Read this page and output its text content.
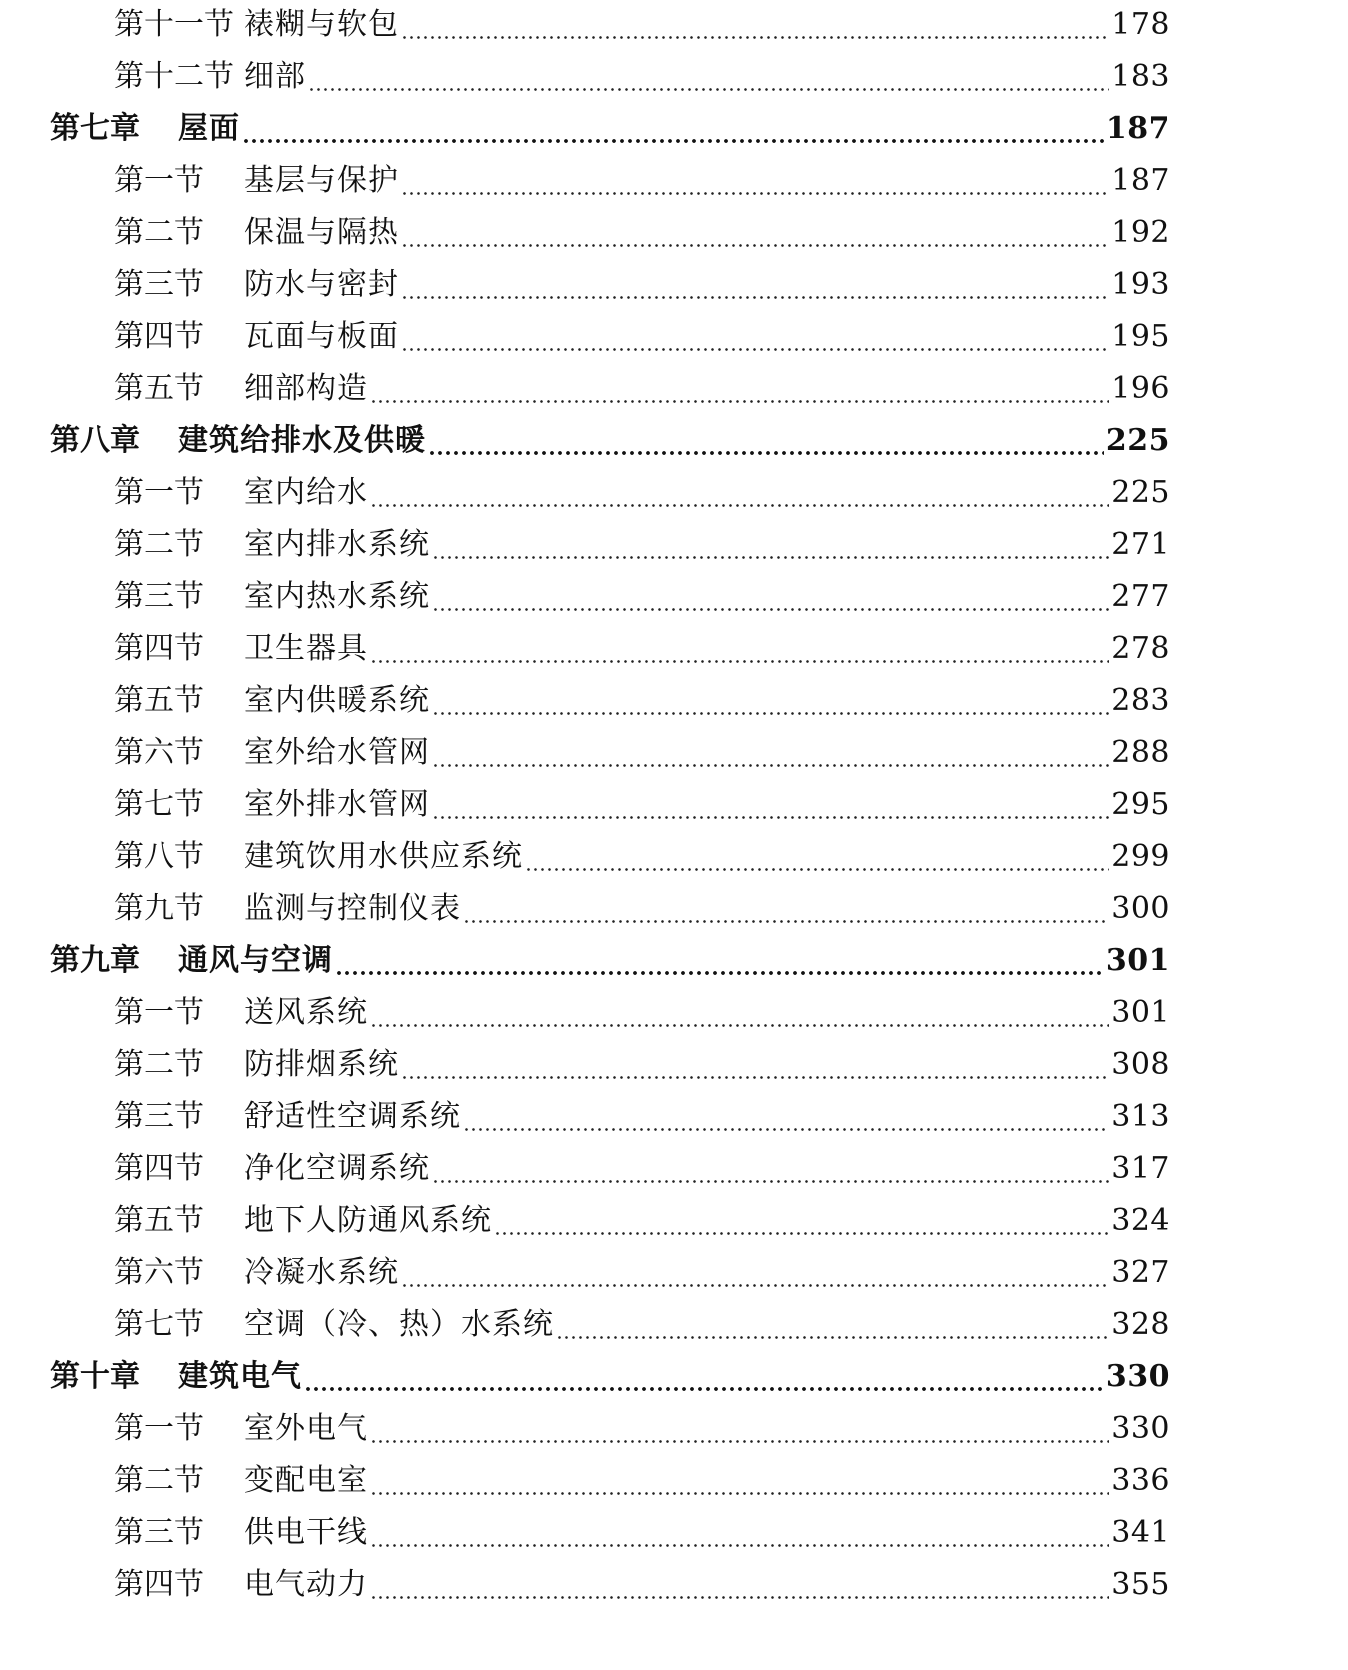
第十一节 裱糊与软包	178
第十二节 细部	183
第七章	屋面	187
第一节	基层与保护	187
第二节	保温与隔热	192
第三节	防水与密封	193
第四节	瓦面与板面	195
第五节	细部构造	196
第八章	建筑给排水及供暖	225
第一节	室内给水	225
第二节	室内排水系统	271
第三节	室内热水系统	277
第四节	卫生器具	278
第五节	室内供暖系统	283
第六节	室外给水管网	288
第七节	室外排水管网	295
第八节	建筑饮用水供应系统	299
第九节	监测与控制仪表	300
第九章	通风与空调	301
第一节	送风系统	301
第二节	防排烟系统	308
第三节	舒适性空调系统	313
第四节	净化空调系统	317
第五节	地下人防通风系统	324
第六节	冷凝水系统	327
第七节	空调（冷、热）水系统	328
第十章	建筑电气	330
第一节	室外电气	330
第二节	变配电室	336
第三节	供电干线	341
第四节	电气动力	355
